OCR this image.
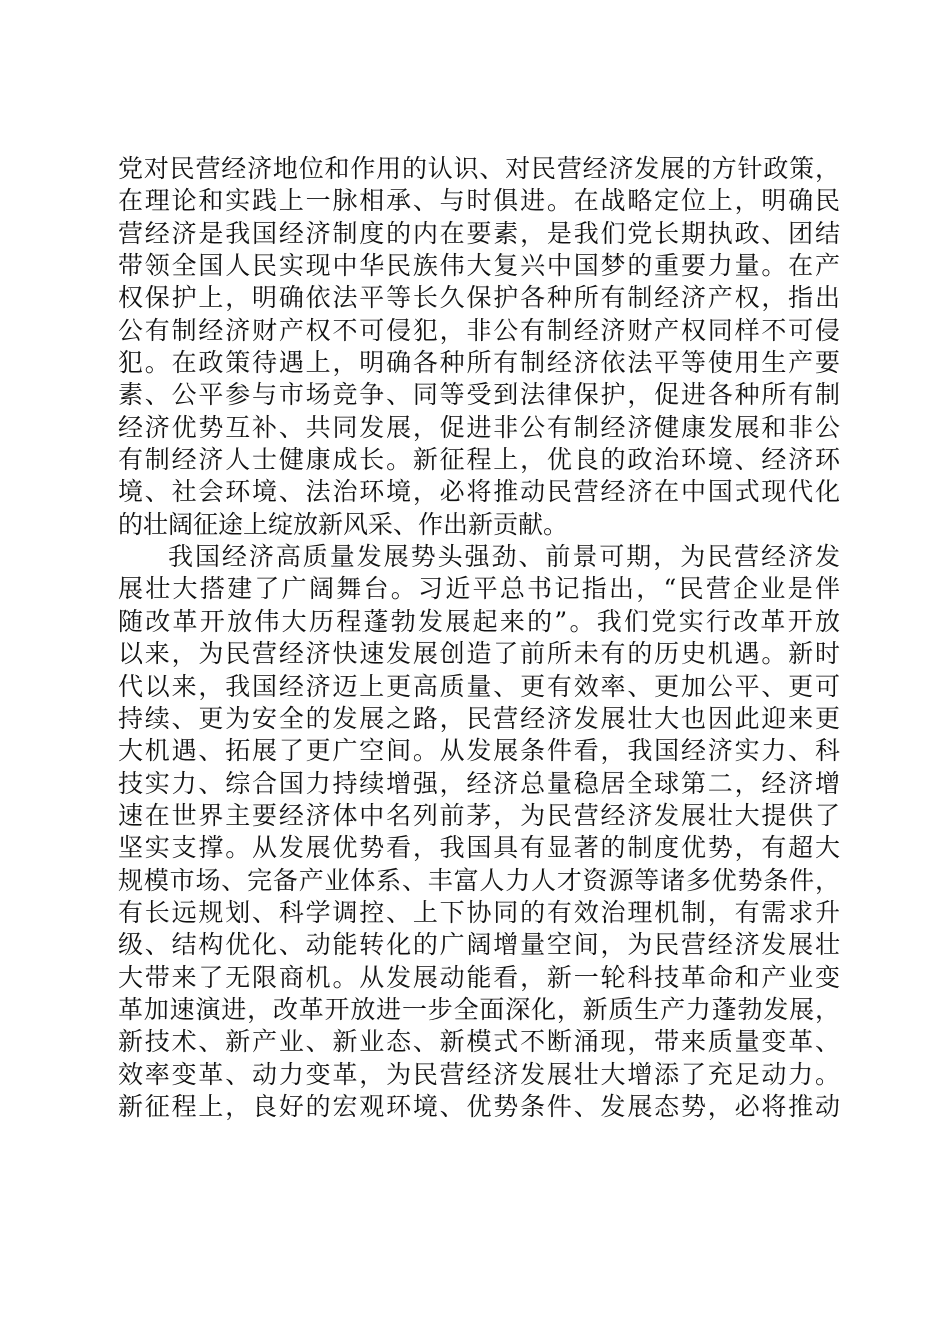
党对民营经济地位和作用的认识、对民营经济发展的方针政策，
在理论和实践上一脉相承、与时俱进。在战略定位上，明确民
营经济是我国经济制度的内在要素，是我们党长期执政、团结
带领全国人民实现中华民族伟大复兴中国梦的重要力量。在产
权保护上，明确依法平等长久保护各种所有制经济产权，指出
公有制经济财产权不可侵犯，非公有制经济财产权同样不可侵
犯。在政策待遇上，明确各种所有制经济依法平等使用生产要
素、公平参与市场竞争、同等受到法律保护，促进各种所有制
经济优势互补、共同发展，促进非公有制经济健康发展和非公
有制经济人士健康成长。新征程上，优良的政治环境、经济环
境、社会环境、法治环境，必将推动民营经济在中国式现代化
的壮阔征途上绽放新风采、作出新贡献。
我国经济高质量发展势头强劲、前景可期，为民营经济发
展壮大搭建了广阔舞台。习近平总书记指出，“民营企业是伴
随改革开放伟大历程蓬勃发展起来的”。我们党实行改革开放
以来，为民营经济快速发展创造了前所未有的历史机遇。新时
代以来，我国经济迈上更高质量、更有效率、更加公平、更可
持续、更为安全的发展之路，民营经济发展壮大也因此迎来更
大机遇、拓展了更广空间。从发展条件看，我国经济实力、科
技实力、综合国力持续增强，经济总量稳居全球第二，经济增
速在世界主要经济体中名列前茅，为民营经济发展壮大提供了
坚实支撑。从发展优势看，我国具有显著的制度优势，有超大
规模市场、完备产业体系、丰富人力人才资源等诸多优势条件，
有长远规划、科学调控、上下协同的有效治理机制，有需求升
级、结构优化、动能转化的广阔增量空间，为民营经济发展壮
大带来了无限商机。从发展动能看，新一轮科技革命和产业变
革加速演进，改革开放进一步全面深化，新质生产力蓬勃发展，
新技术、新产业、新业态、新模式不断涌现，带来质量变革、
效率变革、动力变革，为民营经济发展壮大增添了充足动力。
新征程上，良好的宏观环境、优势条件、发展态势，必将推动
